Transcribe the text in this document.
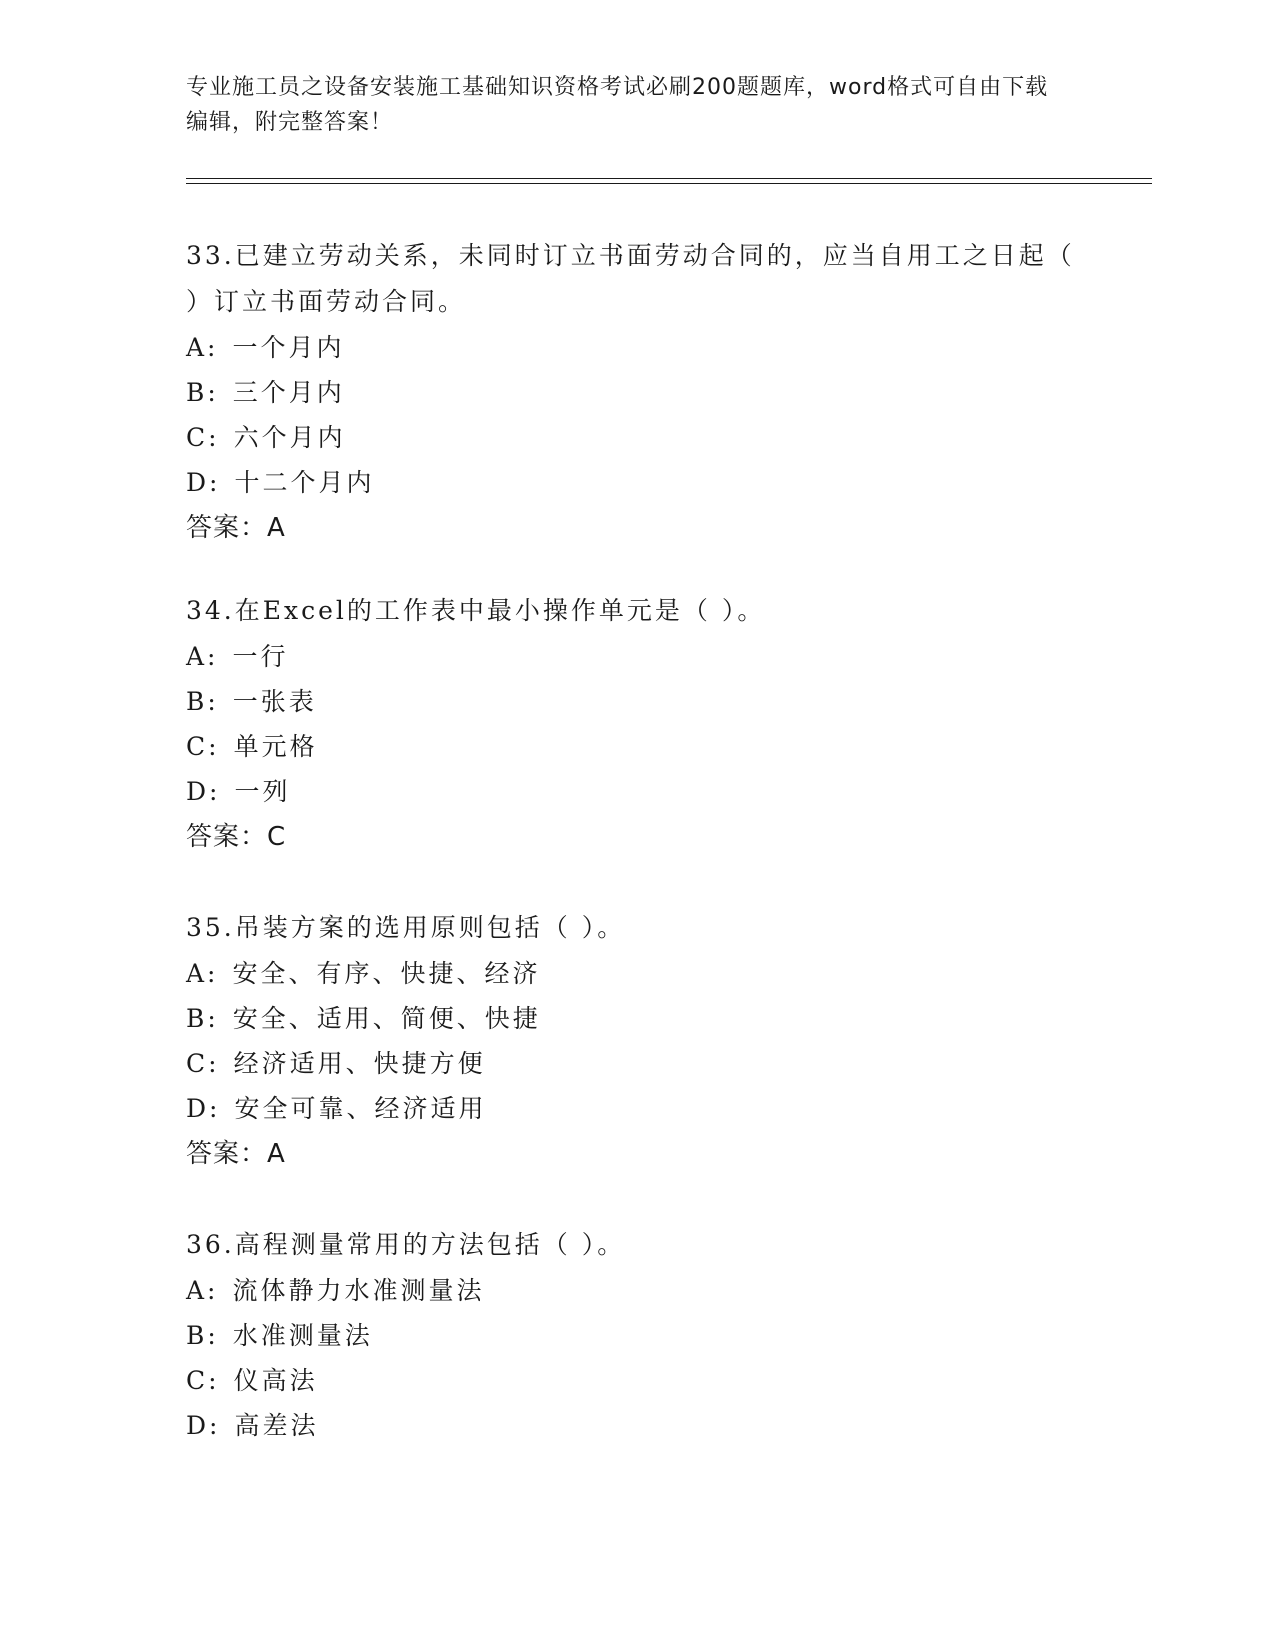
专业施工员之设备安装施工基础知识资格考试必刷200题题库，word格式可自由下载编辑，附完整答案！

33.已建立劳动关系，未同时订立书面劳动合同的，应当自用工之日起（ ）订立书面劳动合同。

A: 一个月内

B: 三个月内

C: 六个月内

D: 十二个月内

答案：A

34.在Excel的工作表中最小操作单元是（ ）。

A: 一行

B: 一张表

C: 单元格

D: 一列

答案：C

35.吊装方案的选用原则包括（ ）。

A: 安全、有序、快捷、经济

B: 安全、适用、简便、快捷

C: 经济适用、快捷方便

D: 安全可靠、经济适用

答案：A

36.高程测量常用的方法包括（ ）。

A: 流体静力水准测量法

B: 水准测量法

C: 仪高法

D: 高差法
